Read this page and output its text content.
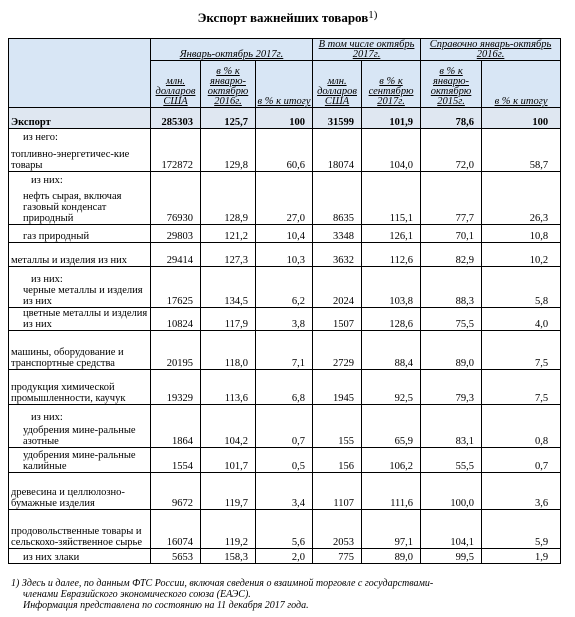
Экспорт важнейших товаров$^{1)}$
	Январь-октябрь 2017г.			В том числе октябрь 2017г.		Справочно январь-октябрь 2016г.	
	млн. долларов США	в % к январю-октябрю 2016г.	в % к итогу	млн. долларов США	в % к сентябрю 2017г.	в % к январю-октябрю 2015г.	в % к итогу
Экспорт	285303	125,7	100	31599	101,9	78,6	100
из него:							
топливно-энергетичес-кие товары	172872	129,8	60,6	18074	104,0	72,0	58,7
из них:							
нефть сырая, включая газовый конденсат природный	76930	128,9	27,0	8635	115,1	77,7	26,3
газ природный	29803	121,2	10,4	3348	126,1	70,1	10,8
металлы и изделия из них	29414	127,3	10,3	3632	112,6	82,9	10,2
из них:							
черные металлы и изделия из них	17625	134,5	6,2	2024	103,8	88,3	5,8
цветные металлы и изделия из них	10824	117,9	3,8	1507	128,6	75,5	4,0
машины, оборудование и транспортные средства	20195	118,0	7,1	2729	88,4	89,0	7,5
продукция химической промышленности, каучук	19329	113,6	6,8	1945	92,5	79,3	7,5
из них:							
удобрения мине-ральные азотные	1864	104,2	0,7	155	65,9	83,1	0,8
удобрения мине-ральные калийные	1554	101,7	0,5	156	106,2	55,5	0,7
древесина и целлюлозно-бумажные изделия	9672	119,7	3,4	1107	111,6	100,0	3,6
продовольственные товары и сельскохо-зяйственное сырье	16074	119,2	5,6	2053	97,1	104,1	5,9
из них злаки	5653	158,3	2,0	775	89,0	99,5	1,9

1) Здесь и далее, по данным ФТС России, включая сведения о взаимной торговле с государствами-

членами Евразийского экономического союза (ЕАЭС).

Информация представлена по состоянию на 11 декабря 2017 года.
